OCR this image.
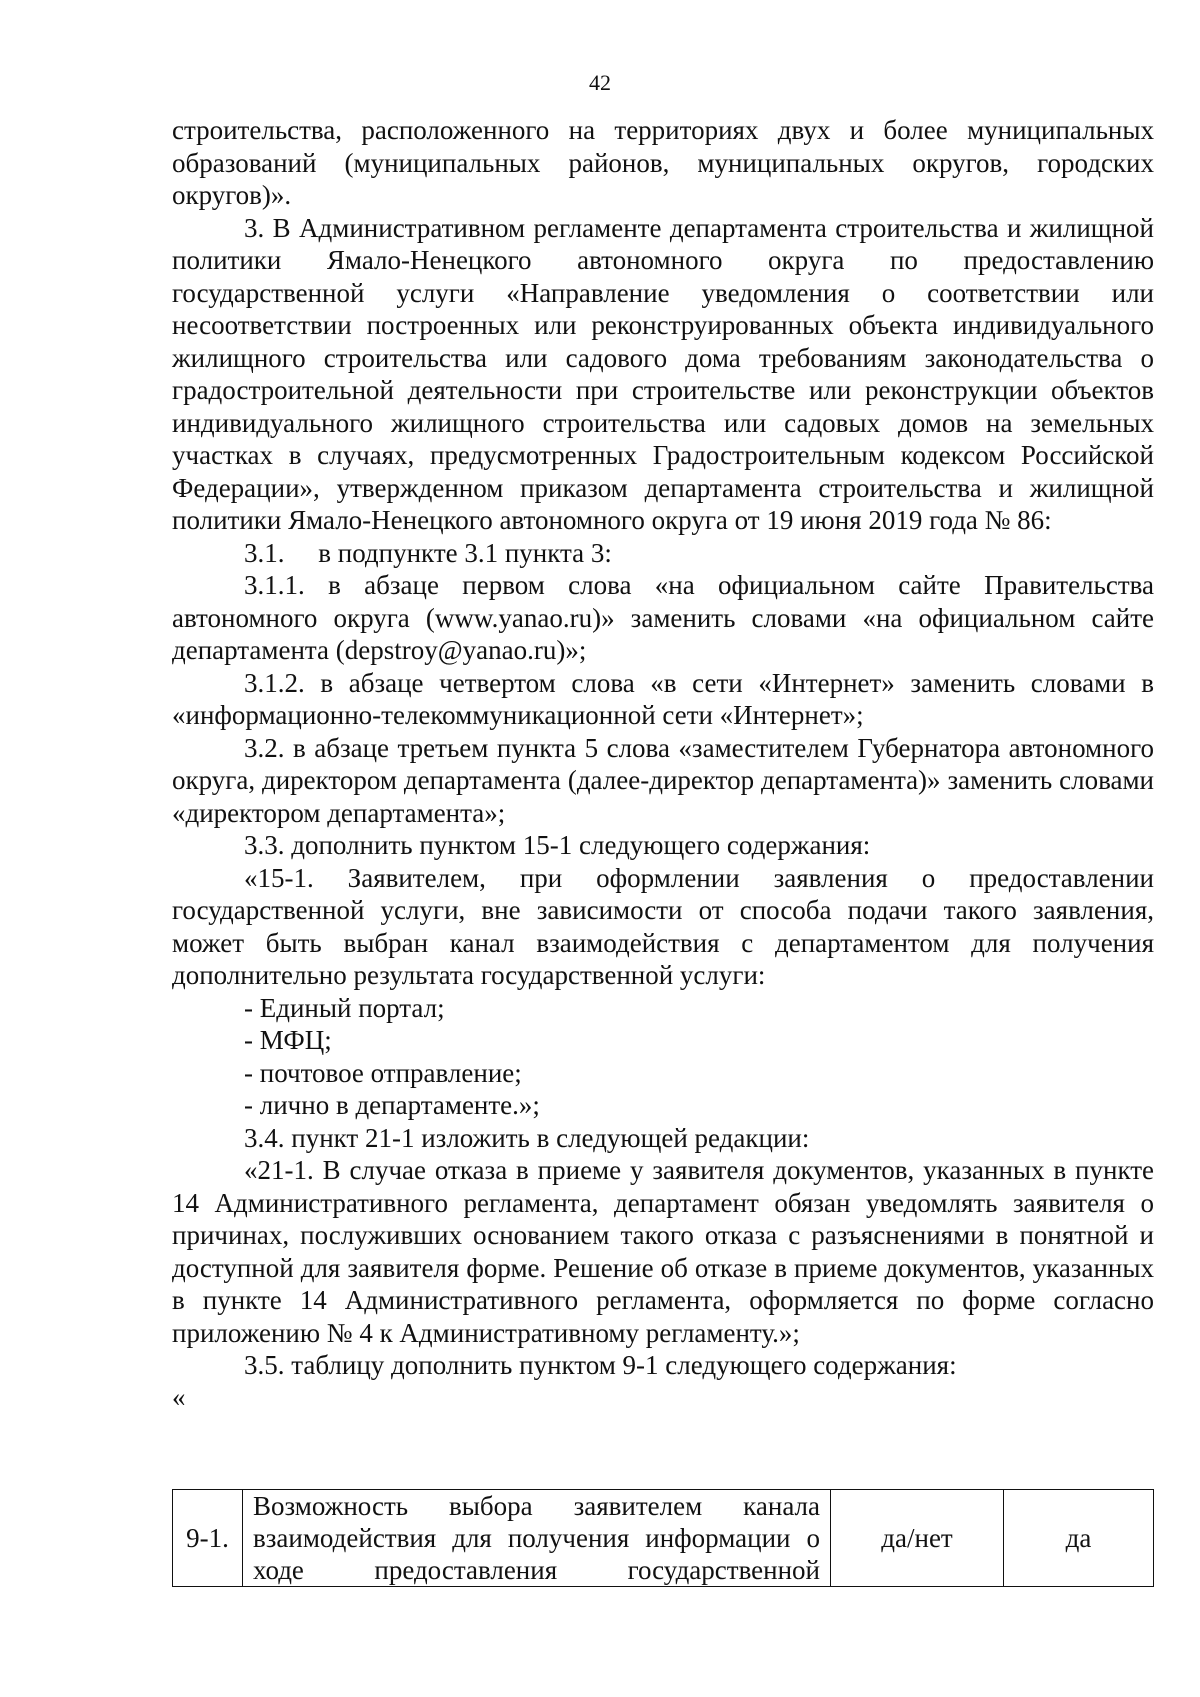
42

строительства, расположенного на территориях двух и более муниципальных образований (муниципальных районов, муниципальных округов, городских округов)».

3. В Административном регламенте департамента строительства и жилищной политики Ямало-Ненецкого автономного округа по предоставлению государственной услуги «Направление уведомления о соответствии или несоответствии построенных или реконструированных объекта индивидуального жилищного строительства или садового дома требованиям законодательства о градостроительной деятельности при строительстве или реконструкции объектов индивидуального жилищного строительства или садовых домов на земельных участках в случаях, предусмотренных Градостроительным кодексом Российской Федерации», утвержденном приказом департамента строительства и жилищной политики Ямало-Ненецкого автономного округа от 19 июня 2019 года № 86:

3.1.     в подпункте 3.1 пункта 3:

3.1.1. в абзаце первом слова «на официальном сайте Правительства автономного округа (www.yanao.ru)» заменить словами «на официальном сайте департамента (depstroy@yanao.ru)»;

3.1.2. в абзаце четвертом слова «в сети «Интернет» заменить словами в «информационно-телекоммуникационной сети «Интернет»;

3.2. в абзаце третьем пункта 5 слова «заместителем Губернатора автономного округа, директором департамента (далее-директор департамента)» заменить словами «директором департамента»;

3.3. дополнить пунктом 15-1 следующего содержания:

«15-1. Заявителем, при оформлении заявления о предоставлении государственной услуги, вне зависимости от способа подачи такого заявления, может быть выбран канал взаимодействия с департаментом для получения дополнительно результата государственной услуги:

- Единый портал;

- МФЦ;

- почтовое отправление;

- лично в департаменте.»;

3.4. пункт 21-1 изложить в следующей редакции:

«21-1. В случае отказа в приеме у заявителя документов, указанных в пункте 14 Административного регламента, департамент обязан уведомлять заявителя о причинах, послуживших основанием такого отказа с разъяснениями в понятной и доступной для заявителя форме. Решение об отказе в приеме документов, указанных в пункте 14 Административного регламента, оформляется по форме согласно приложению № 4 к Административному регламенту.»;

3.5. таблицу дополнить пунктом 9-1 следующего содержания:

«

9-1.	Возможность выбора заявителем канала взаимодействия для получения информации о ходе предоставления государственной	да/нет	да
